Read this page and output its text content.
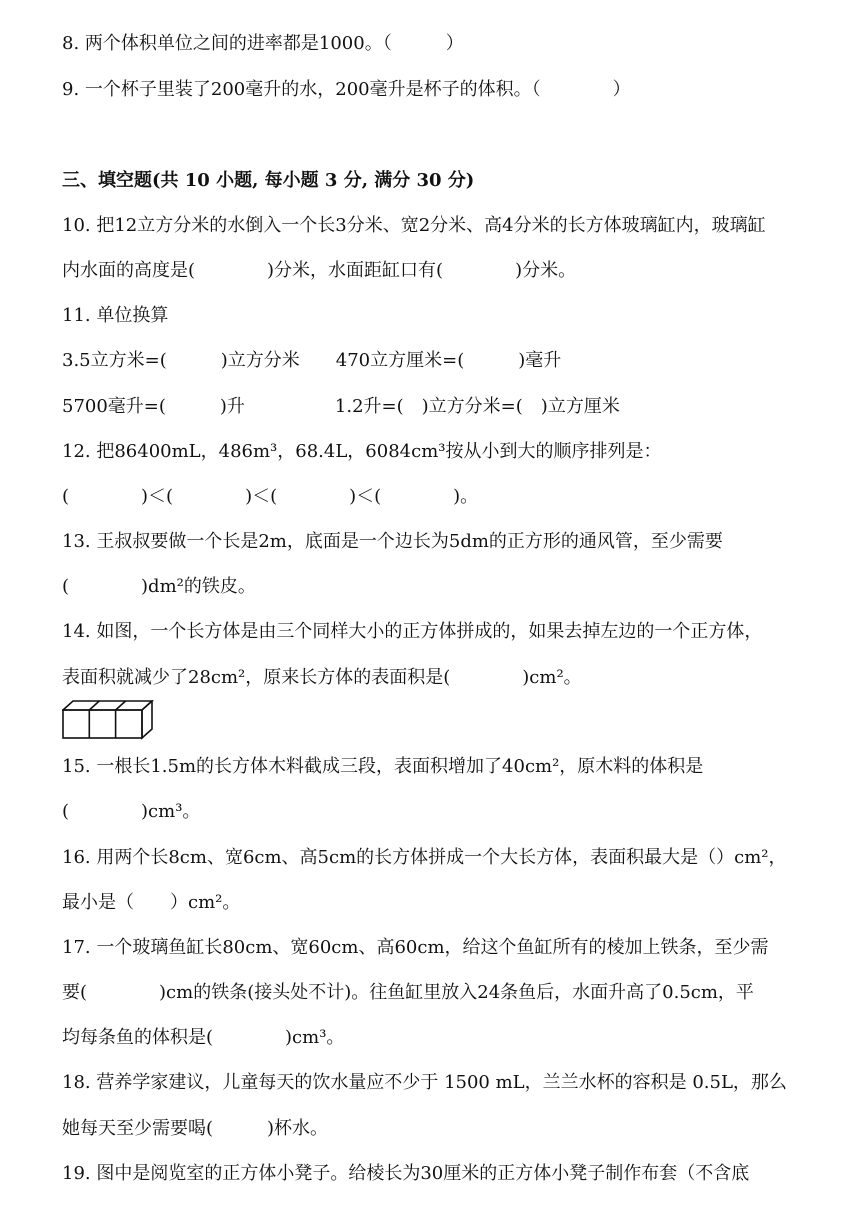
8. 两个体积单位之间的进率都是1000。（　　　）
9. 一个杯子里装了200毫升的水，200毫升是杯子的体积。（　　　　）
三、填空题(共 10 小题, 每小题 3 分, 满分 30 分)
10. 把12立方分米的水倒入一个长3分米、宽2分米、高4分米的长方体玻璃缸内，玻璃缸
内水面的高度是(　　　　)分米，水面距缸口有(　　　　)分米。
11. 单位换算
3.5立方米=(　　　)立方分米　　470立方厘米=(　　　)毫升
5700毫升=(　　　)升　　　　　1.2升=(　)立方分米=(　)立方厘米
12. 把86400mL，486m³，68.4L，6084cm³按从小到大的顺序排列是：
(　　　　)＜(　　　　)＜(　　　　)＜(　　　　)。
13. 王叔叔要做一个长是2m，底面是一个边长为5dm的正方形的通风管，至少需要
(　　　　)dm²的铁皮。
14. 如图，一个长方体是由三个同样大小的正方体拼成的，如果去掉左边的一个正方体，
表面积就减少了28cm²，原来长方体的表面积是(　　　　)cm²。
15. 一根长1.5m的长方体木料截成三段，表面积增加了40cm²，原木料的体积是
(　　　　)cm³。
16. 用两个长8cm、宽6cm、高5cm的长方体拼成一个大长方体，表面积最大是（）cm²，
最小是（　　）cm²。
17. 一个玻璃鱼缸长80cm、宽60cm、高60cm，给这个鱼缸所有的棱加上铁条，至少需
要(　　　　)cm的铁条(接头处不计)。往鱼缸里放入24条鱼后，水面升高了0.5cm，平
均每条鱼的体积是(　　　　)cm³。
18. 营养学家建议，儿童每天的饮水量应不少于 1500 mL，兰兰水杯的容积是 0.5L，那么
她每天至少需要喝(　　　)杯水。
19. 图中是阅览室的正方体小凳子。给棱长为30厘米的正方体小凳子制作布套（不含底
